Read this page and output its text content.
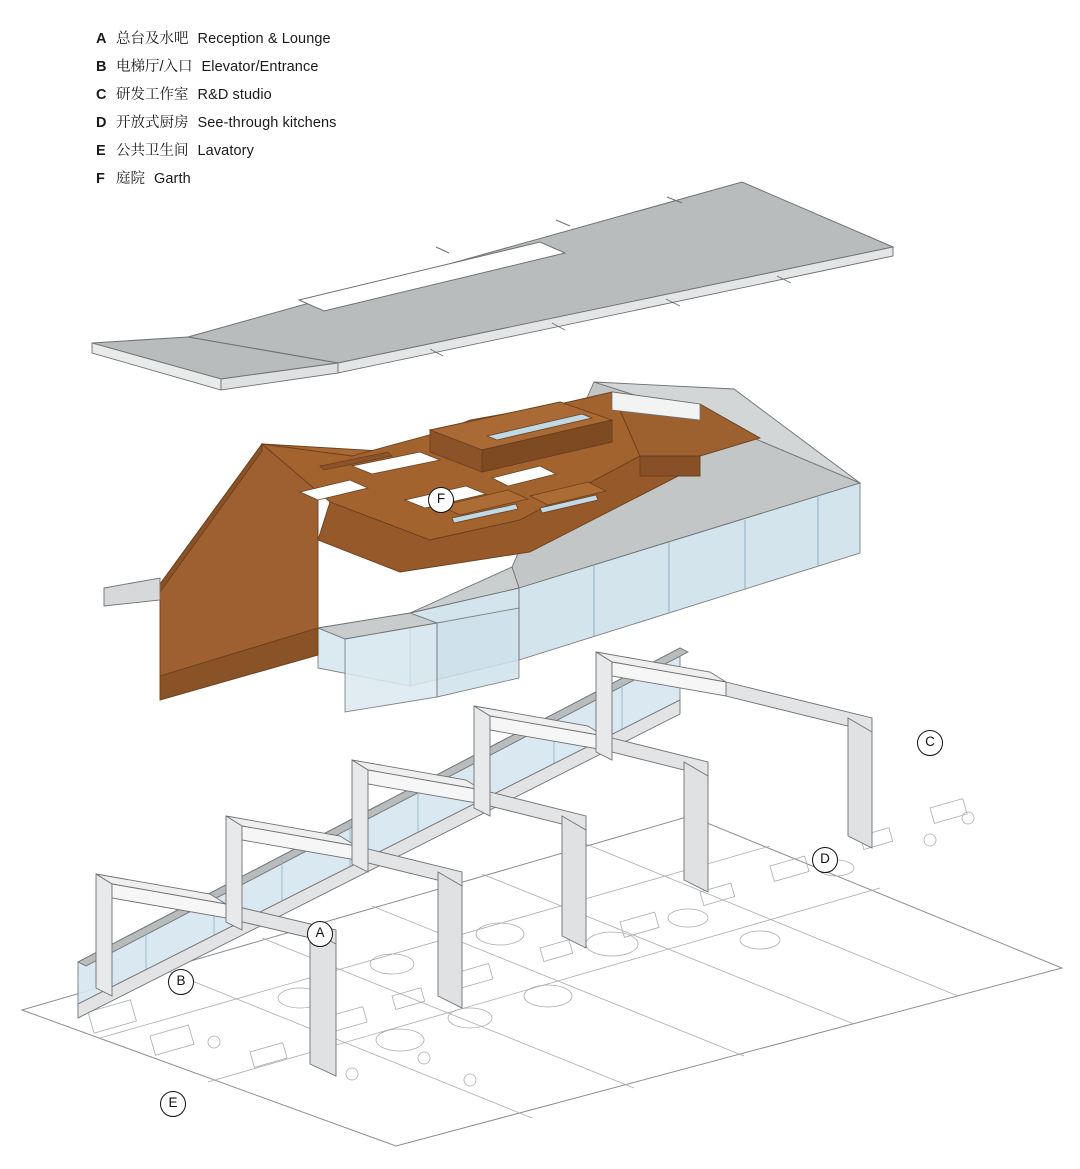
A 总台及水吧 Reception & Lounge
B 电梯厅/入口 Elevator/Entrance
C 研发工作室 R&D studio
D 开放式厨房 See-through kitchens
E 公共卫生间 Lavatory
F 庭院 Garth
F
C
D
A
B
E
